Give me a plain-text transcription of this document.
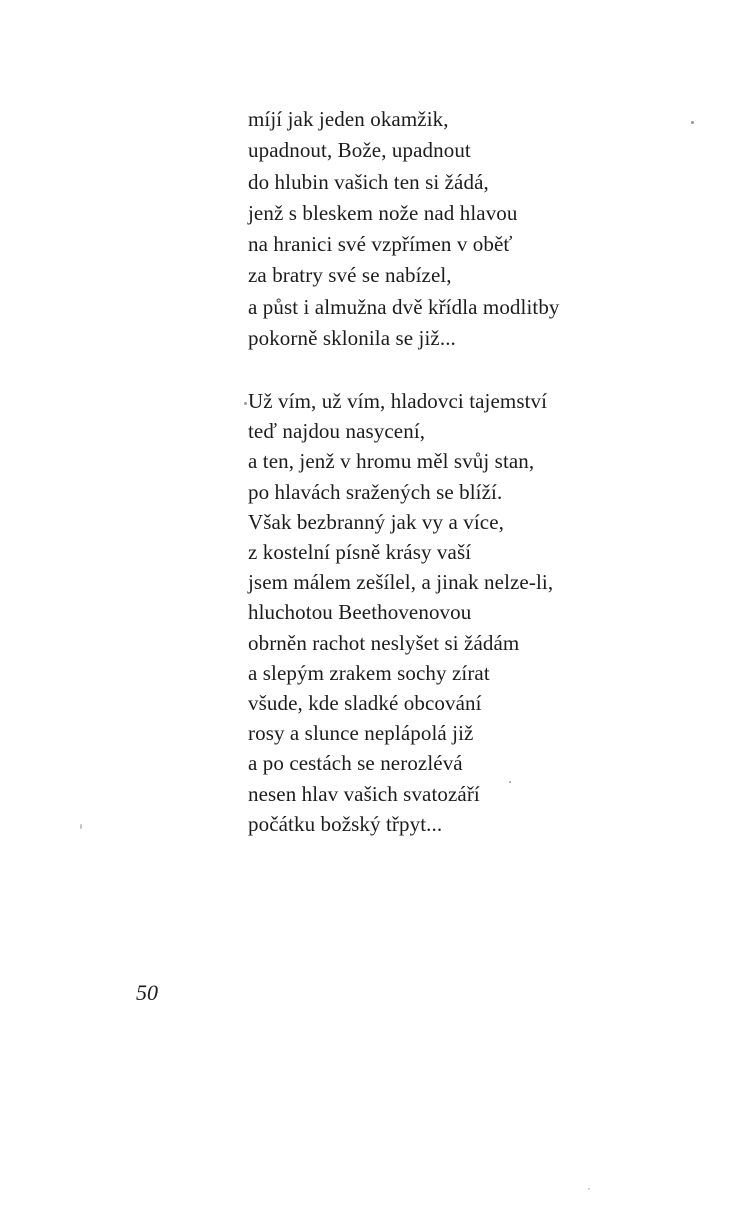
míjí jak jeden okamžik,
upadnout, Bože, upadnout
do hlubin vašich ten si žádá,
jenž s bleskem nože nad hlavou
na hranici své vzpřímen v oběť
za bratry své se nabízel,
a půst i almužna dvě křídla modlitby
pokorně sklonila se již...
Už vím, už vím, hladovci tajemství
teď najdou nasycení,
a ten, jenž v hromu měl svůj stan,
po hlavách sražených se blíží.
Však bezbranný jak vy a více,
z kostelní písně krásy vaší
jsem málem zešílel, a jinak nelze-li,
hluchotou Beethovenovou
obrněn rachot neslyšet si žádám
a slepým zrakem sochy zírat
všude, kde sladké obcování
rosy a slunce neplápolá již
a po cestách se nerozlévá
nesen hlav vašich svatozáří
počátku božský třpyt...
50
